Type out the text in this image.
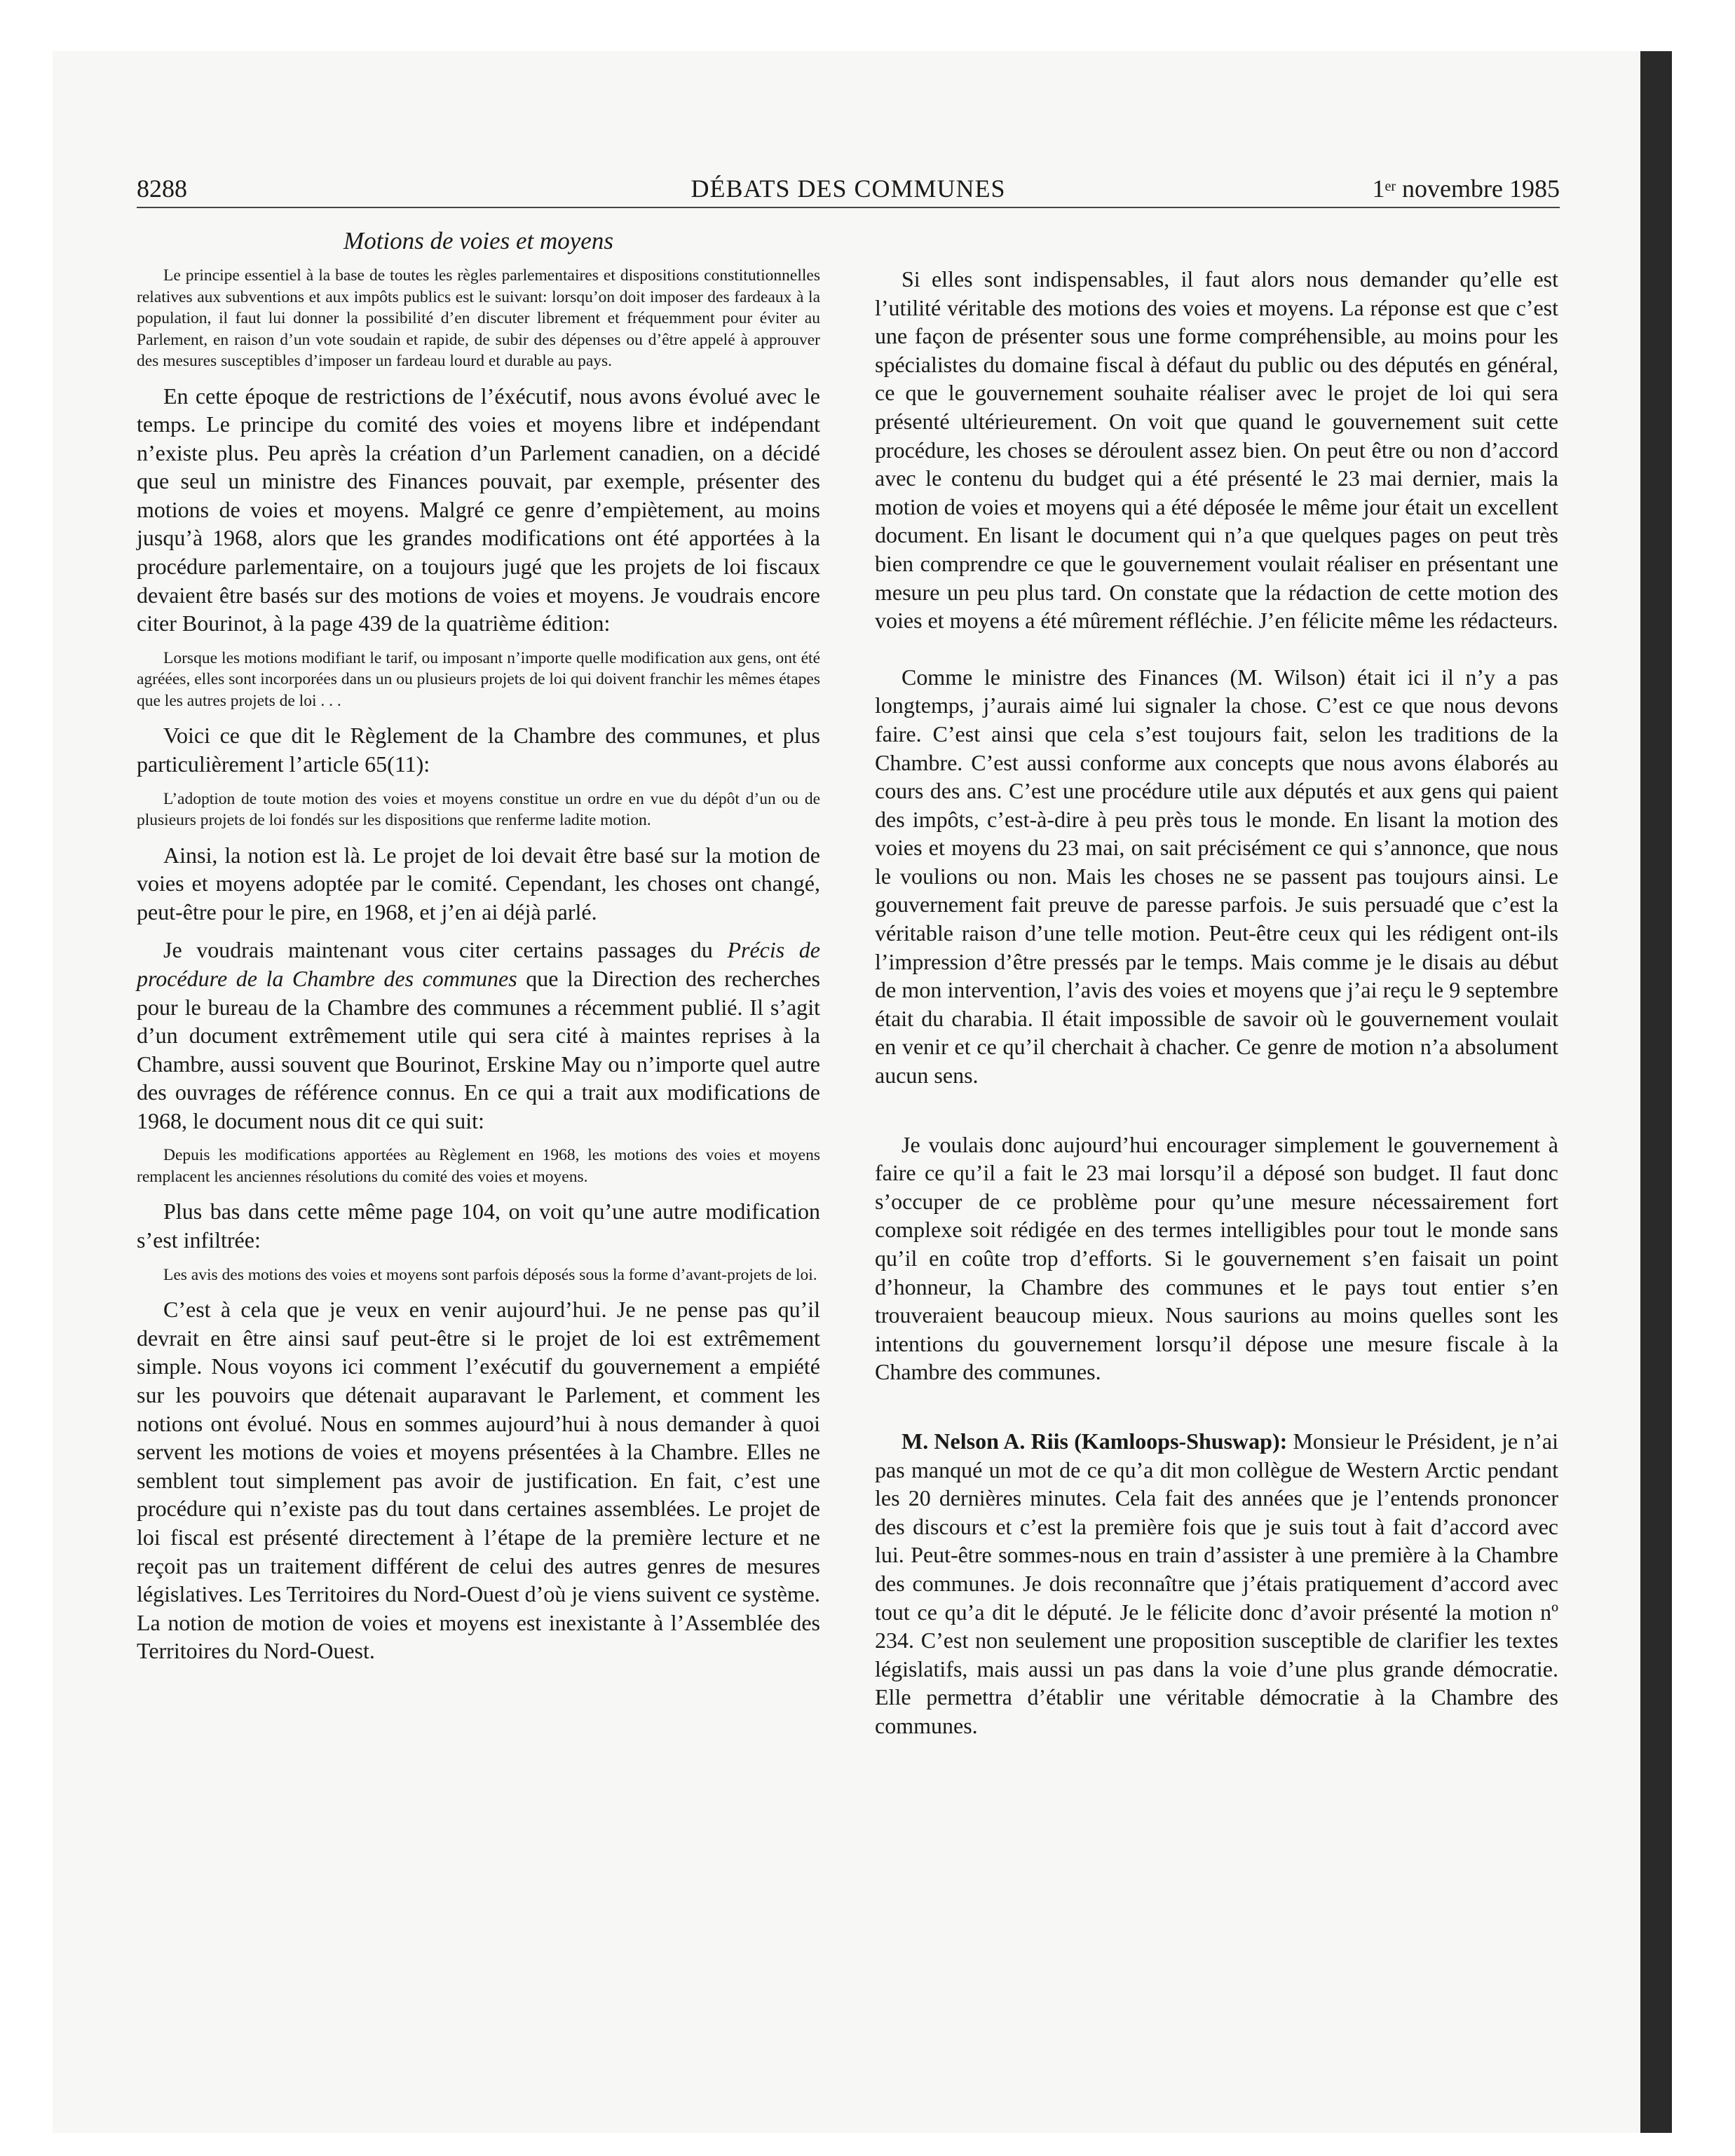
8288	DÉBATS DES COMMUNES	1er novembre 1985
Motions de voies et moyens

Le principe essentiel à la base de toutes les règles parlementaires et dispositions constitutionnelles relatives aux subventions et aux impôts publics est le suivant: lorsqu’on doit imposer des fardeaux à la population, il faut lui donner la possibilité d’en discuter librement et fréquemment pour éviter au Parlement, en raison d’un vote soudain et rapide, de subir des dépenses ou d’être appelé à approuver des mesures susceptibles d’imposer un fardeau lourd et durable au pays.

En cette époque de restrictions de l’éxécutif, nous avons évolué avec le temps. Le principe du comité des voies et moyens libre et indépendant n’existe plus. Peu après la création d’un Parlement canadien, on a décidé que seul un ministre des Finances pouvait, par exemple, présenter des motions de voies et moyens. Malgré ce genre d’empiètement, au moins jusqu’à 1968, alors que les grandes modifications ont été apportées à la procédure parlementaire, on a toujours jugé que les projets de loi fiscaux devaient être basés sur des motions de voies et moyens. Je voudrais encore citer Bourinot, à la page 439 de la quatrième édition:

Lorsque les motions modifiant le tarif, ou imposant n’importe quelle modification aux gens, ont été agréées, elles sont incorporées dans un ou plusieurs projets de loi qui doivent franchir les mêmes étapes que les autres projets de loi . . .

Voici ce que dit le Règlement de la Chambre des communes, et plus particulièrement l’article 65(11):

L’adoption de toute motion des voies et moyens constitue un ordre en vue du dépôt d’un ou de plusieurs projets de loi fondés sur les dispositions que renferme ladite motion.

Ainsi, la notion est là. Le projet de loi devait être basé sur la motion de voies et moyens adoptée par le comité. Cependant, les choses ont changé, peut-être pour le pire, en 1968, et j’en ai déjà parlé.

Je voudrais maintenant vous citer certains passages du Précis de procédure de la Chambre des communes que la Direction des recherches pour le bureau de la Chambre des communes a récemment publié. Il s’agit d’un document extrêmement utile qui sera cité à maintes reprises à la Chambre, aussi souvent que Bourinot, Erskine May ou n’importe quel autre des ouvrages de référence connus. En ce qui a trait aux modifications de 1968, le document nous dit ce qui suit:

Depuis les modifications apportées au Règlement en 1968, les motions des voies et moyens remplacent les anciennes résolutions du comité des voies et moyens.

Plus bas dans cette même page 104, on voit qu’une autre modification s’est infiltrée:

Les avis des motions des voies et moyens sont parfois déposés sous la forme d’avant-projets de loi.

C’est à cela que je veux en venir aujourd’hui. Je ne pense pas qu’il devrait en être ainsi sauf peut-être si le projet de loi est extrêmement simple. Nous voyons ici comment l’exécutif du gouvernement a empiété sur les pouvoirs que détenait auparavant le Parlement, et comment les notions ont évolué. Nous en sommes aujourd’hui à nous demander à quoi servent les motions de voies et moyens présentées à la Chambre. Elles ne semblent tout simplement pas avoir de justification. En fait, c’est une procédure qui n’existe pas du tout dans certaines assemblées. Le projet de loi fiscal est présenté directement à l’étape de la première lecture et ne reçoit pas un traitement différent de celui des autres genres de mesures législatives. Les Territoires du Nord-Ouest d’où je viens suivent ce système. La notion de motion de voies et moyens est inexistante à l’Assemblée des Territoires du Nord-Ouest.

Si elles sont indispensables, il faut alors nous demander qu’elle est l’utilité véritable des motions des voies et moyens. La réponse est que c’est une façon de présenter sous une forme compréhensible, au moins pour les spécialistes du domaine fiscal à défaut du public ou des députés en général, ce que le gouvernement souhaite réaliser avec le projet de loi qui sera présenté ultérieurement. On voit que quand le gouvernement suit cette procédure, les choses se déroulent assez bien. On peut être ou non d’accord avec le contenu du budget qui a été présenté le 23 mai dernier, mais la motion de voies et moyens qui a été déposée le même jour était un excellent document. En lisant le document qui n’a que quelques pages on peut très bien comprendre ce que le gouvernement voulait réaliser en présentant une mesure un peu plus tard. On constate que la rédaction de cette motion des voies et moyens a été mûrement réfléchie. J’en félicite même les rédacteurs.

Comme le ministre des Finances (M. Wilson) était ici il n’y a pas longtemps, j’aurais aimé lui signaler la chose. C’est ce que nous devons faire. C’est ainsi que cela s’est toujours fait, selon les traditions de la Chambre. C’est aussi conforme aux concepts que nous avons élaborés au cours des ans. C’est une procédure utile aux députés et aux gens qui paient des impôts, c’est-à-dire à peu près tous le monde. En lisant la motion des voies et moyens du 23 mai, on sait précisément ce qui s’annonce, que nous le voulions ou non. Mais les choses ne se passent pas toujours ainsi. Le gouvernement fait preuve de paresse parfois. Je suis persuadé que c’est la véritable raison d’une telle motion. Peut-être ceux qui les rédigent ont-ils l’impression d’être pressés par le temps. Mais comme je le disais au début de mon intervention, l’avis des voies et moyens que j’ai reçu le 9 septembre était du charabia. Il était impossible de savoir où le gouvernement voulait en venir et ce qu’il cherchait à chacher. Ce genre de motion n’a absolument aucun sens.

Je voulais donc aujourd’hui encourager simplement le gouvernement à faire ce qu’il a fait le 23 mai lorsqu’il a déposé son budget. Il faut donc s’occuper de ce problème pour qu’une mesure nécessairement fort complexe soit rédigée en des termes intelligibles pour tout le monde sans qu’il en coûte trop d’efforts. Si le gouvernement s’en faisait un point d’honneur, la Chambre des communes et le pays tout entier s’en trouveraient beaucoup mieux. Nous saurions au moins quelles sont les intentions du gouvernement lorsqu’il dépose une mesure fiscale à la Chambre des communes.

M. Nelson A. Riis (Kamloops-Shuswap): Monsieur le Président, je n’ai pas manqué un mot de ce qu’a dit mon collègue de Western Arctic pendant les 20 dernières minutes. Cela fait des années que je l’entends prononcer des discours et c’est la première fois que je suis tout à fait d’accord avec lui. Peut-être sommes-nous en train d’assister à une première à la Chambre des communes. Je dois reconnaître que j’étais pratiquement d’accord avec tout ce qu’a dit le député. Je le félicite donc d’avoir présenté la motion nº 234. C’est non seulement une proposition susceptible de clarifier les textes législatifs, mais aussi un pas dans la voie d’une plus grande démocratie. Elle permettra d’établir une véritable démocratie à la Chambre des communes.
